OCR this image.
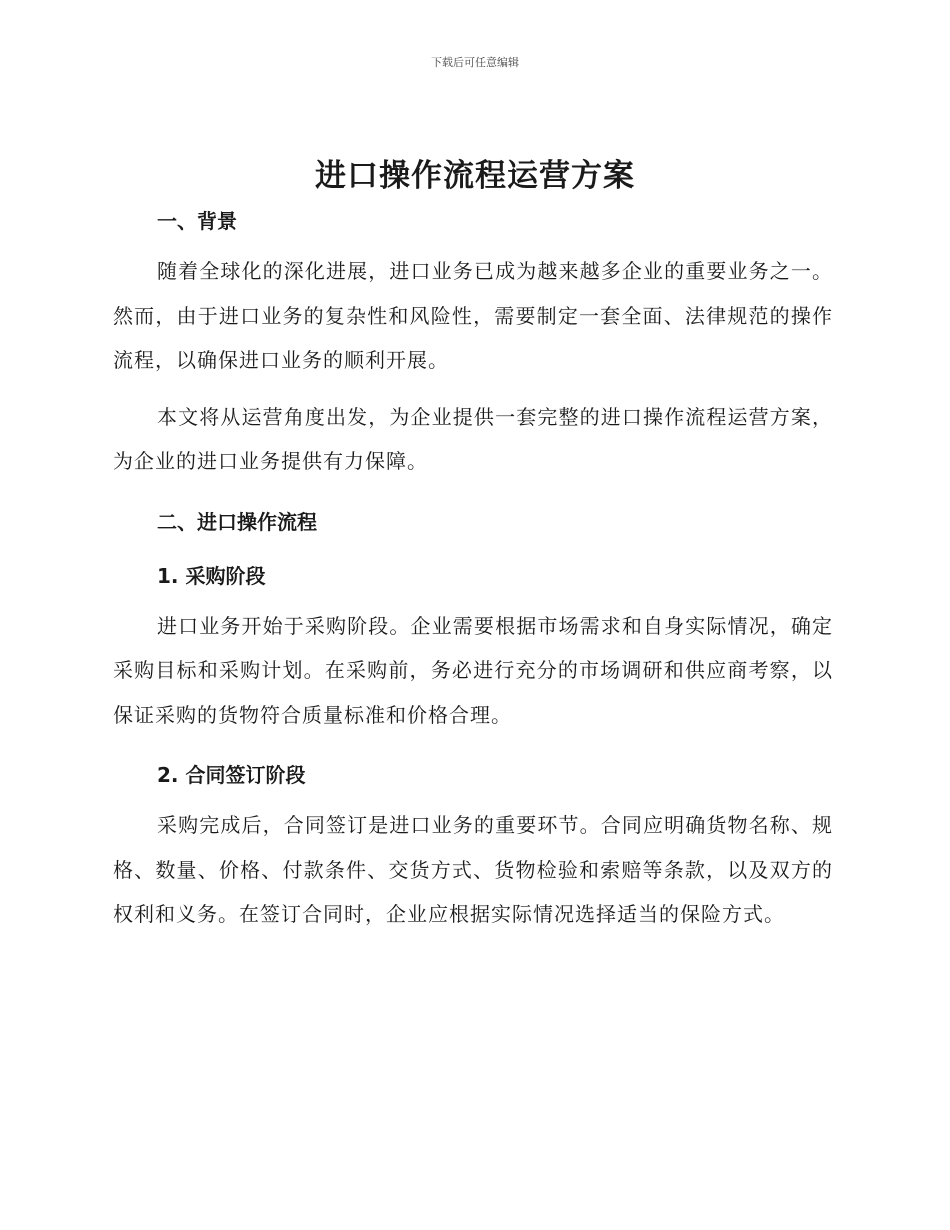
下载后可任意编辑
进口操作流程运营方案
一、背景

随着全球化的深化进展，进口业务已成为越来越多企业的重要业务之一。然而，由于进口业务的复杂性和风险性，需要制定一套全面、法律规范的操作流程，以确保进口业务的顺利开展。

本文将从运营角度出发，为企业提供一套完整的进口操作流程运营方案，为企业的进口业务提供有力保障。

二、进口操作流程
1. 采购阶段

进口业务开始于采购阶段。企业需要根据市场需求和自身实际情况，确定采购目标和采购计划。在采购前，务必进行充分的市场调研和供应商考察，以保证采购的货物符合质量标准和价格合理。

2. 合同签订阶段

采购完成后，合同签订是进口业务的重要环节。合同应明确货物名称、规格、数量、价格、付款条件、交货方式、货物检验和索赔等条款，以及双方的权利和义务。在签订合同时，企业应根据实际情况选择适当的保险方式。
